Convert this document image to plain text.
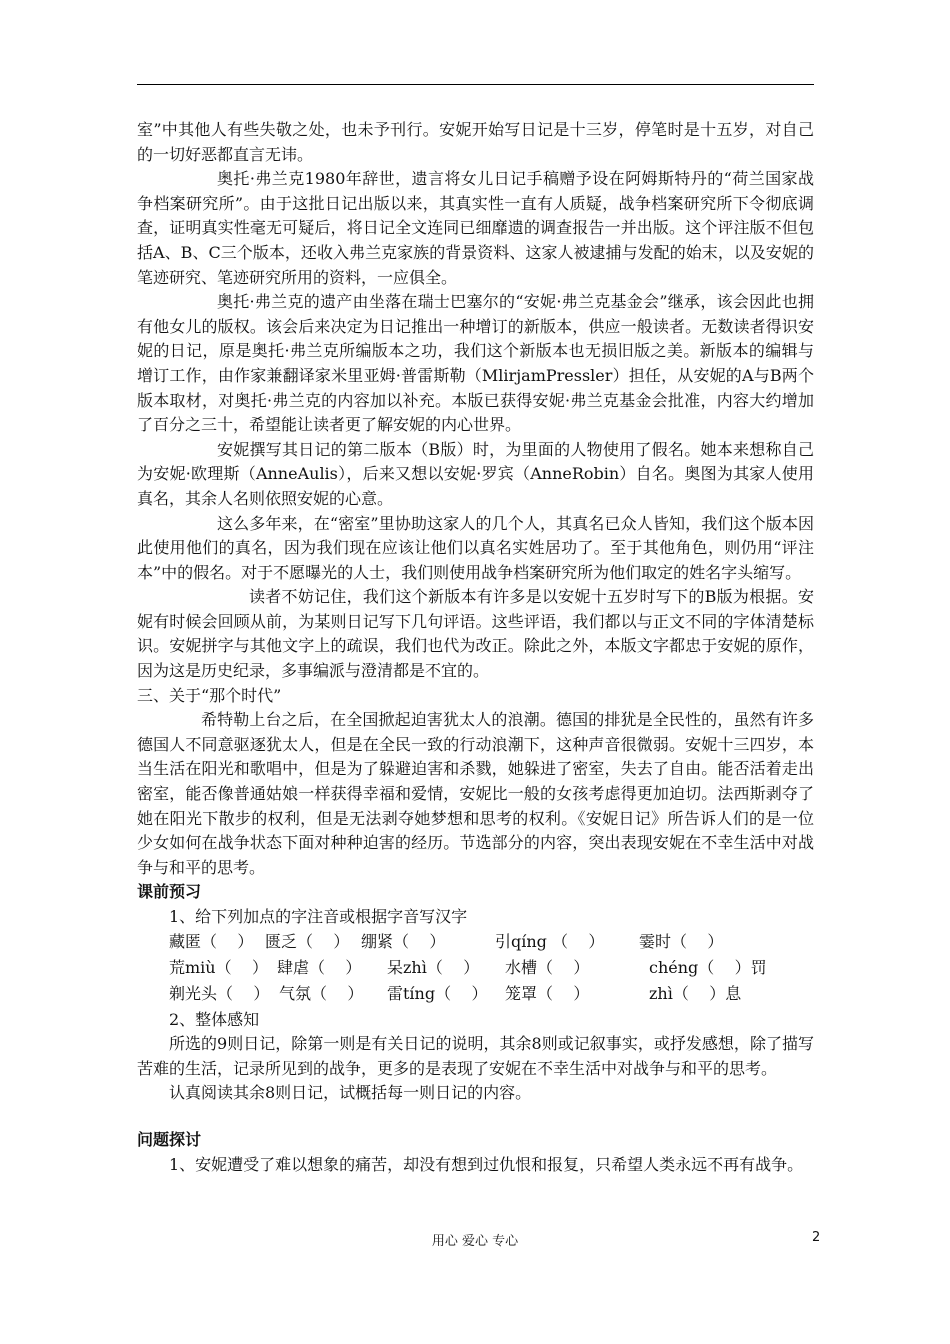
室”中其他人有些失敬之处，也未予刊行。安妮开始写日记是十三岁，停笔时是十五岁，对自己的一切好恶都直言无讳。

奥托·弗兰克1980年辞世，遗言将女儿日记手稿赠予设在阿姆斯特丹的“荷兰国家战争档案研究所”。由于这批日记出版以来，其真实性一直有人质疑，战争档案研究所下令彻底调查，证明真实性毫无可疑后，将日记全文连同已细靡遗的调查报告一并出版。这个评注版不但包括A、B、C三个版本，还收入弗兰克家族的背景资料、这家人被逮捕与发配的始末，以及安妮的笔迹研究、笔迹研究所用的资料，一应俱全。

奥托·弗兰克的遗产由坐落在瑞士巴塞尔的“安妮·弗兰克基金会”继承，该会因此也拥有他女儿的版权。该会后来决定为日记推出一种增订的新版本，供应一般读者。无数读者得识安妮的日记，原是奥托·弗兰克所编版本之功，我们这个新版本也无损旧版之美。新版本的编辑与增订工作，由作家兼翻译家米里亚姆·普雷斯勒（MlirjamPressler）担任，从安妮的A与B两个版本取材，对奥托·弗兰克的内容加以补充。本版已获得安妮·弗兰克基金会批准，内容大约增加了百分之三十，希望能让读者更了解安妮的内心世界。

安妮撰写其日记的第二版本（B版）时，为里面的人物使用了假名。她本来想称自己为安妮·欧理斯（AnneAulis），后来又想以安妮·罗宾（AnneRobin）自名。奥图为其家人使用真名，其余人名则依照安妮的心意。

这么多年来，在“密室”里协助这家人的几个人，其真名已众人皆知，我们这个版本因此使用他们的真名，因为我们现在应该让他们以真名实姓居功了。至于其他角色，则仍用“评注本”中的假名。对于不愿曝光的人士，我们则使用战争档案研究所为他们取定的姓名字头缩写。

读者不妨记住，我们这个新版本有许多是以安妮十五岁时写下的B版为根据。安妮有时候会回顾从前，为某则日记写下几句评语。这些评语，我们都以与正文不同的字体清楚标识。安妮拼字与其他文字上的疏误，我们也代为改正。除此之外，本版文字都忠于安妮的原作，因为这是历史纪录，多事编派与澄清都是不宜的。

三、关于“那个时代”

希特勒上台之后，在全国掀起迫害犹太人的浪潮。德国的排犹是全民性的，虽然有许多德国人不同意驱逐犹太人，但是在全民一致的行动浪潮下，这种声音很微弱。安妮十三四岁，本当生活在阳光和歌唱中，但是为了躲避迫害和杀戮，她躲进了密室，失去了自由。能否活着走出密室，能否像普通姑娘一样获得幸福和爱情，安妮比一般的女孩考虑得更加迫切。法西斯剥夺了她在阳光下散步的权利，但是无法剥夺她梦想和思考的权利。《安妮日记》所告诉人们的是一位少女如何在战争状态下面对种种迫害的经历。节选部分的内容，突出表现安妮在不幸生活中对战争与和平的思考。

课前预习

1、给下列加点的字注音或根据字音写汉字

藏匿（    ） 匮乏（    ） 绷紧（    ）	引qíng （    ）	霎时（    ）
荒miù（    ） 肆虐（    ）	呆zhì（    ）	水槽（    ）	chéng（    ）罚
剃光头（    ） 气氛（    ）	雷tíng（    ）	笼罩（    ）	zhì（    ）息

2、整体感知

所选的9则日记，除第一则是有关日记的说明，其余8则或记叙事实，或抒发感想，除了描写苦难的生活，记录所见到的战争，更多的是表现了安妮在不幸生活中对战争与和平的思考。

认真阅读其余8则日记，试概括每一则日记的内容。

问题探讨

1、安妮遭受了难以想象的痛苦，却没有想到过仇恨和报复，只希望人类永远不再有战争。

用心 爱心 专心	2
